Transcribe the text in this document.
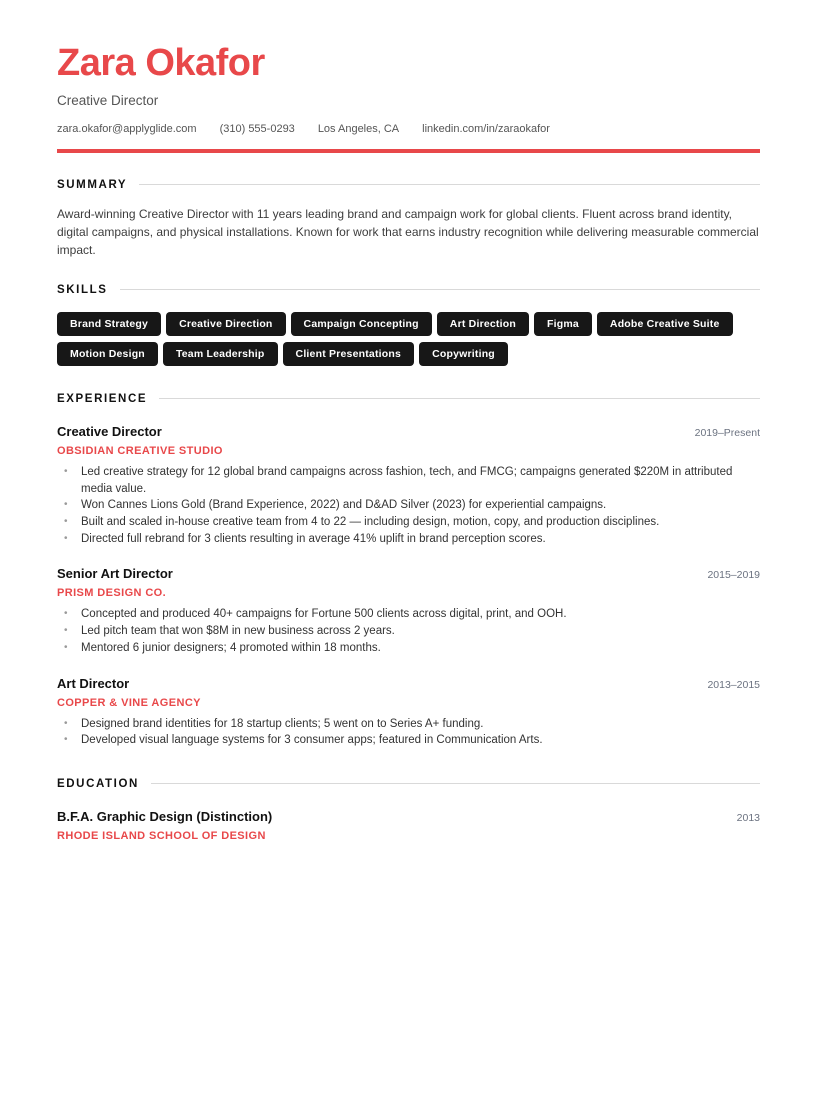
Zara Okafor
Creative Director
zara.okafor@applyglide.com (310) 555-0293 Los Angeles, CA linkedin.com/in/zaraokafor
SUMMARY

Award-winning Creative Director with 11 years leading brand and campaign work for global clients. Fluent across brand identity, digital campaigns, and physical installations. Known for work that earns industry recognition while delivering measurable commercial impact.

SKILLS
Brand Strategy	Creative Direction	Campaign Concepting	Art Direction	Figma	Adobe Creative Suite
Motion Design	Team Leadership	Client Presentations	Copywriting
EXPERIENCE
Creative Director	2019–Present
OBSIDIAN CREATIVE STUDIO
• Led creative strategy for 12 global brand campaigns across fashion, tech, and FMCG; campaigns generated $220M in attributed media value.
• Won Cannes Lions Gold (Brand Experience, 2022) and D&AD Silver (2023) for experiential campaigns.
• Built and scaled in-house creative team from 4 to 22 — including design, motion, copy, and production disciplines.
• Directed full rebrand for 3 clients resulting in average 41% uplift in brand perception scores.
Senior Art Director	2015–2019
PRISM DESIGN CO.
• Concepted and produced 40+ campaigns for Fortune 500 clients across digital, print, and OOH.
• Led pitch team that won $8M in new business across 2 years.
• Mentored 6 junior designers; 4 promoted within 18 months.
Art Director	2013–2015
COPPER & VINE AGENCY
• Designed brand identities for 18 startup clients; 5 went on to Series A+ funding.
• Developed visual language systems for 3 consumer apps; featured in Communication Arts.
EDUCATION
B.F.A. Graphic Design (Distinction)	2013
RHODE ISLAND SCHOOL OF DESIGN
